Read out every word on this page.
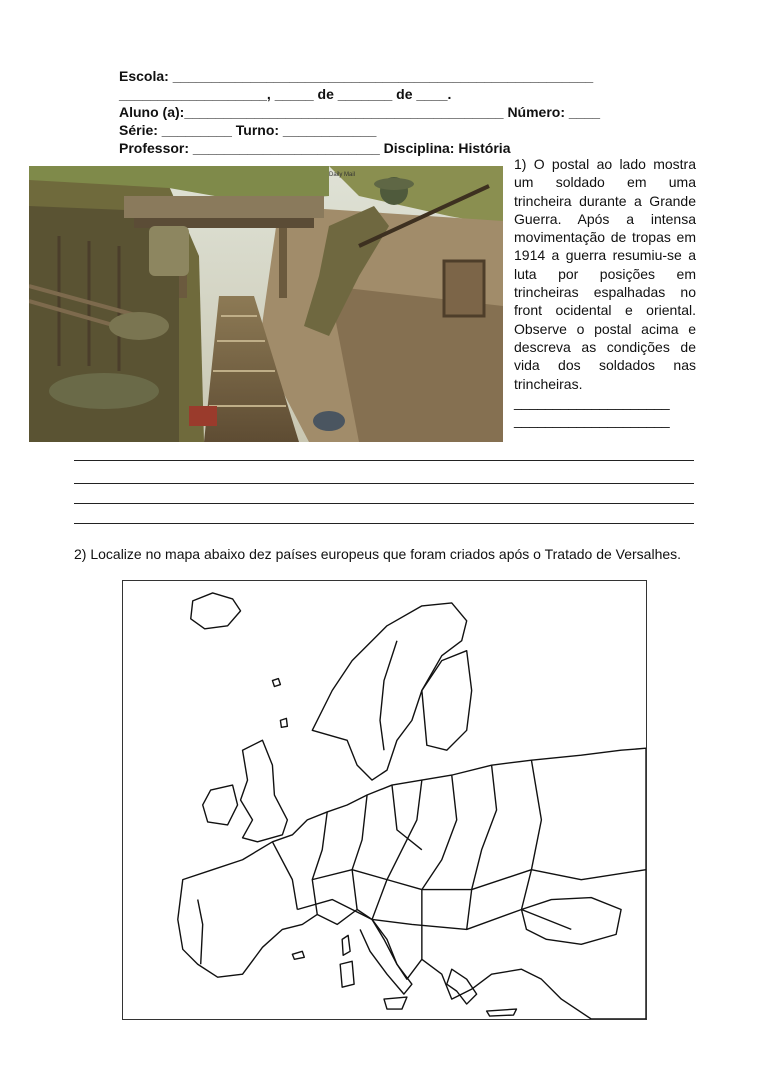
Escola: ______________________________________________________
___________________, _____ de _______ de ____.
Aluno (a):_________________________________________ Número: ____
Série: _________ Turno: ____________
Professor: ________________________ Disciplina: História
Daily Mail
1) O postal ao lado mostra um soldado em uma trincheira durante a Grande Guerra. Após a intensa movimentação de tropas em 1914 a guerra resumiu-se a luta por posições em trincheiras espalhadas no front ocidental e oriental. Observe o postal acima e descreva as condições de vida dos soldados nas trincheiras.
____________________
____________________
2) Localize no mapa abaixo dez países europeus que foram criados após o Tratado de Versalhes.
